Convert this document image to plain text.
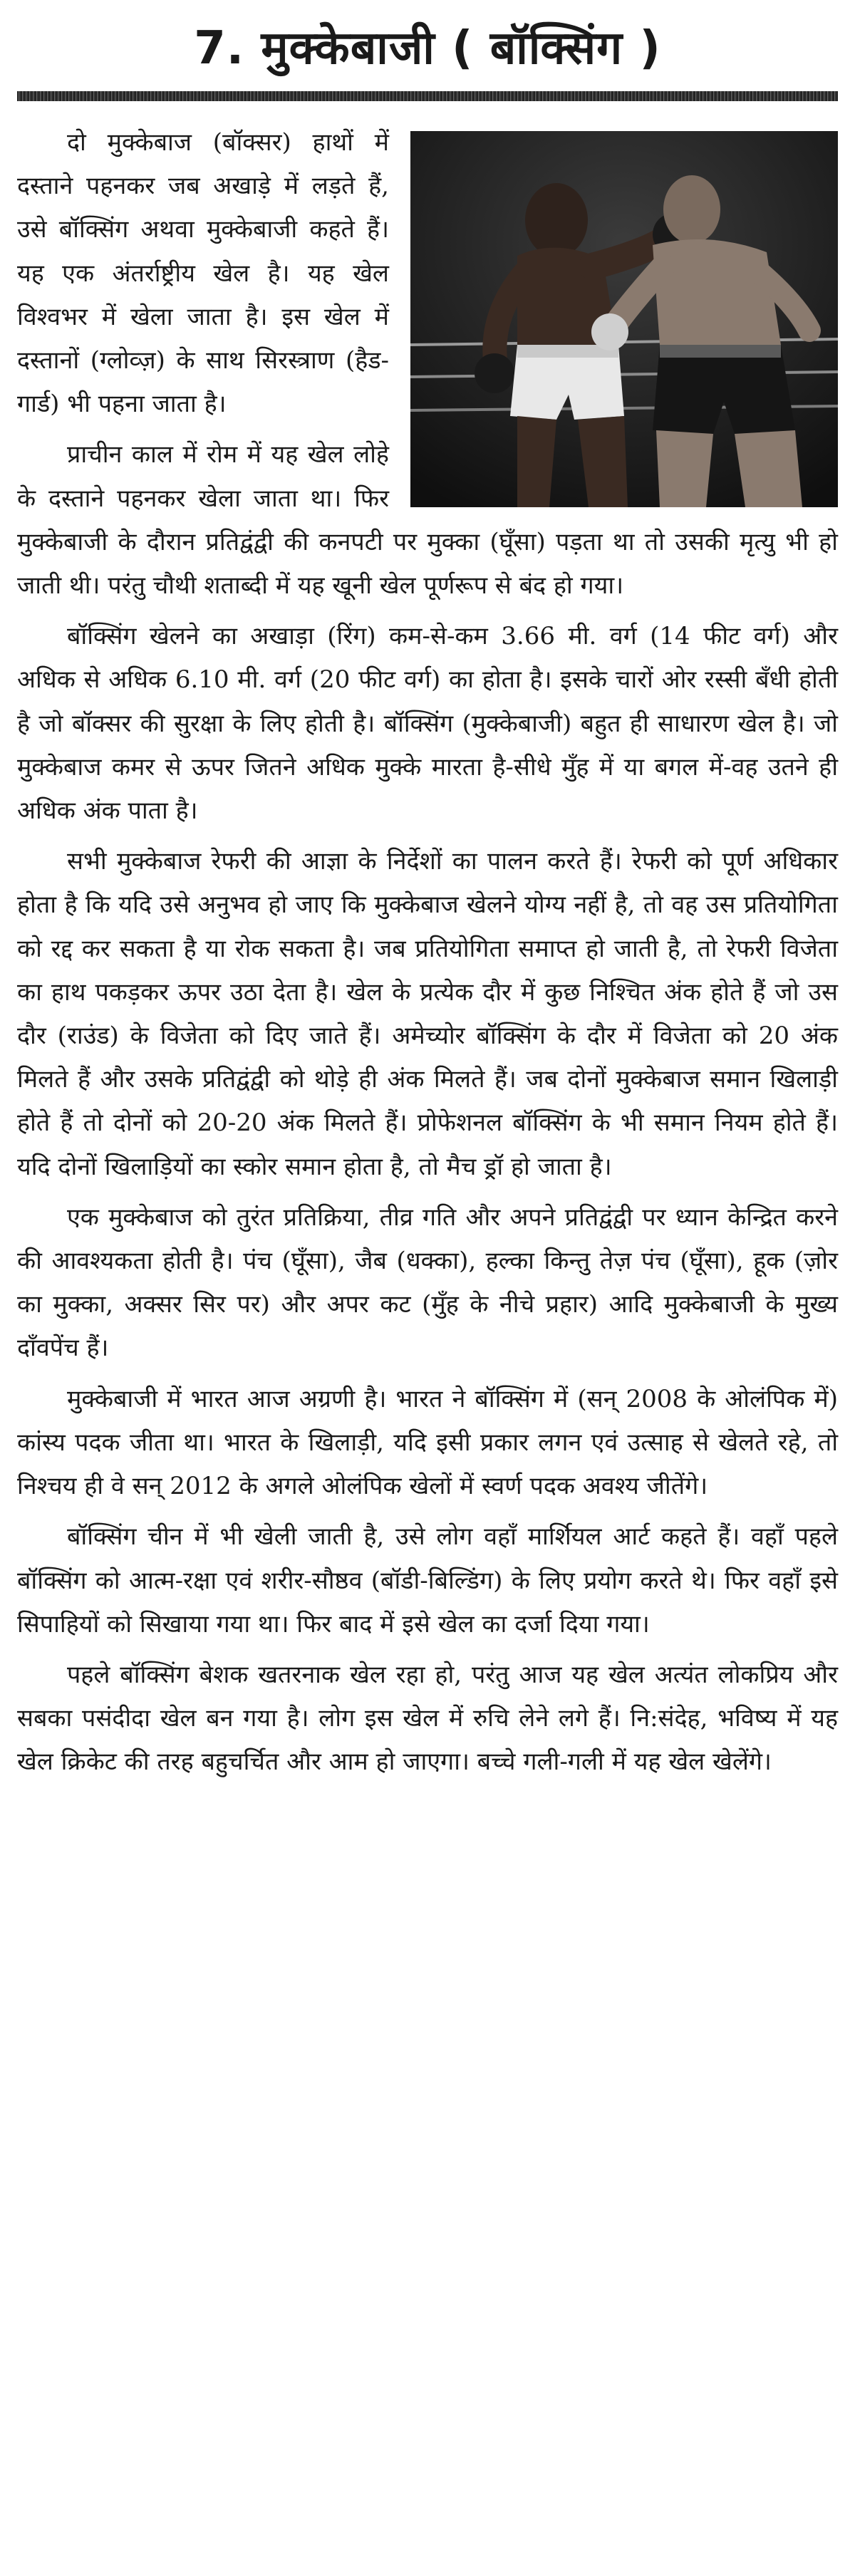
7. मुक्केबाजी ( बॉक्सिंग )

दो मुक्केबाज (बॉक्सर) हाथों में दस्ताने पहनकर जब अखाड़े में लड़ते हैं, उसे बॉक्सिंग अथवा मुक्केबाजी कहते हैं। यह एक अंतर्राष्ट्रीय खेल है। यह खेल विश्वभर में खेला जाता है। इस खेल में दस्तानों (ग्लोव्ज़) के साथ सिरस्त्राण (हैड-गार्ड) भी पहना जाता है।

प्राचीन काल में रोम में यह खेल लोहे के दस्ताने पहनकर खेला जाता था। फिर मुक्केबाजी के दौरान प्रतिद्वंद्वी की कनपटी पर मुक्का (घूँसा) पड़ता था तो उसकी मृत्यु भी हो जाती थी। परंतु चौथी शताब्दी में यह खूनी खेल पूर्णरूप से बंद हो गया।

बॉक्सिंग खेलने का अखाड़ा (रिंग) कम-से-कम 3.66 मी. वर्ग (14 फीट वर्ग) और अधिक से अधिक 6.10 मी. वर्ग (20 फीट वर्ग) का होता है। इसके चारों ओर रस्सी बँधी होती है जो बॉक्सर की सुरक्षा के लिए होती है। बॉक्सिंग (मुक्केबाजी) बहुत ही साधारण खेल है। जो मुक्केबाज कमर से ऊपर जितने अधिक मुक्के मारता है-सीधे मुँह में या बगल में-वह उतने ही अधिक अंक पाता है।

सभी मुक्केबाज रेफरी की आज्ञा के निर्देशों का पालन करते हैं। रेफरी को पूर्ण अधिकार होता है कि यदि उसे अनुभव हो जाए कि मुक्केबाज खेलने योग्य नहीं है, तो वह उस प्रतियोगिता को रद्द कर सकता है या रोक सकता है। जब प्रतियोगिता समाप्त हो जाती है, तो रेफरी विजेता का हाथ पकड़कर ऊपर उठा देता है। खेल के प्रत्येक दौर में कुछ निश्चित अंक होते हैं जो उस दौर (राउंड) के विजेता को दिए जाते हैं। अमेच्योर बॉक्सिंग के दौर में विजेता को 20 अंक मिलते हैं और उसके प्रतिद्वंद्वी को थोड़े ही अंक मिलते हैं। जब दोनों मुक्केबाज समान खिलाड़ी होते हैं तो दोनों को 20-20 अंक मिलते हैं। प्रोफेशनल बॉक्सिंग के भी समान नियम होते हैं। यदि दोनों खिलाड़ियों का स्कोर समान होता है, तो मैच ड्रॉ हो जाता है।

एक मुक्केबाज को तुरंत प्रतिक्रिया, तीव्र गति और अपने प्रतिद्वंद्वी पर ध्यान केन्द्रित करने की आवश्यकता होती है। पंच (घूँसा), जैब (धक्का), हल्का किन्तु तेज़ पंच (घूँसा), हूक (ज़ोर का मुक्का, अक्सर सिर पर) और अपर कट (मुँह के नीचे प्रहार) आदि मुक्केबाजी के मुख्य दाँवपेंच हैं।

मुक्केबाजी में भारत आज अग्रणी है। भारत ने बॉक्सिंग में (सन् 2008 के ओलंपिक में) कांस्य पदक जीता था। भारत के खिलाड़ी, यदि इसी प्रकार लगन एवं उत्साह से खेलते रहे, तो निश्चय ही वे सन् 2012 के अगले ओलंपिक खेलों में स्वर्ण पदक अवश्य जीतेंगे।

बॉक्सिंग चीन में भी खेली जाती है, उसे लोग वहाँ मार्शियल आर्ट कहते हैं। वहाँ पहले बॉक्सिंग को आत्म-रक्षा एवं शरीर-सौष्ठव (बॉडी-बिल्डिंग) के लिए प्रयोग करते थे। फिर वहाँ इसे सिपाहियों को सिखाया गया था। फिर बाद में इसे खेल का दर्जा दिया गया।

पहले बॉक्सिंग बेशक खतरनाक खेल रहा हो, परंतु आज यह खेल अत्यंत लोकप्रिय और सबका पसंदीदा खेल बन गया है। लोग इस खेल में रुचि लेने लगे हैं। नि:संदेह, भविष्य में यह खेल क्रिकेट की तरह बहुचर्चित और आम हो जाएगा। बच्चे गली-गली में यह खेल खेलेंगे।
